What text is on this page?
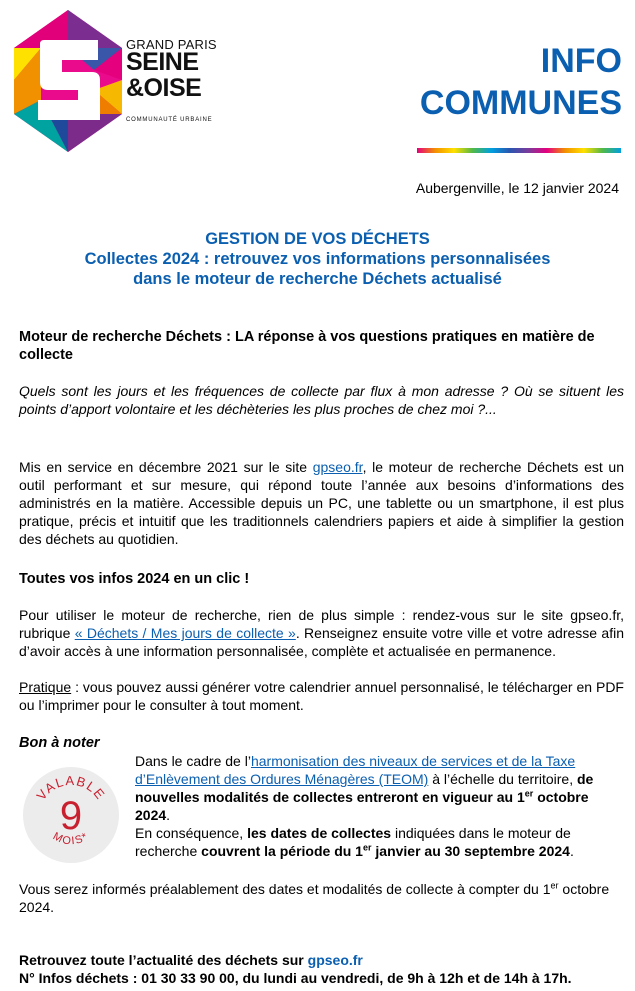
GRAND PARIS
SEINE
&OISE
COMMUNAUTÉ URBAINE
INFO
COMMUNES
Aubergenville, le 12 janvier 2024
GESTION DE VOS DÉCHETS
Collectes 2024 : retrouvez vos informations personnalisées
dans le moteur de recherche Déchets actualisé
Moteur de recherche Déchets : LA réponse à vos questions pratiques en matière de collecte
Quels sont les jours et les fréquences de collecte par flux à mon adresse ? Où se situent les points d’apport volontaire et les déchèteries les plus proches de chez moi ?...
Mis en service en décembre 2021 sur le site gpseo.fr, le moteur de recherche Déchets est un outil performant et sur mesure, qui répond toute l’année aux besoins d’informations des administrés en la matière. Accessible depuis un PC, une tablette ou un smartphone, il est plus pratique, précis et intuitif que les traditionnels calendriers papiers et aide à simplifier la gestion des déchets au quotidien.
Toutes vos infos 2024 en un clic !
Pour utiliser le moteur de recherche, rien de plus simple : rendez-vous sur le site gpseo.fr, rubrique « Déchets / Mes jours de collecte ». Renseignez ensuite votre ville et votre adresse afin d’avoir accès à une information personnalisée, complète et actualisée en permanence.
Pratique : vous pouvez aussi générer votre calendrier annuel personnalisé, le télécharger en PDF ou l’imprimer pour le consulter à tout moment.
Bon à noter
VALABLE
9
MOIS*
Dans le cadre de l’harmonisation des niveaux de services et de la Taxe d’Enlèvement des Ordures Ménagères (TEOM) à l’échelle du territoire, de nouvelles modalités de collectes entreront en vigueur au 1er octobre 2024.
En conséquence, les dates de collectes indiquées dans le moteur de recherche couvrent la période du 1er janvier au 30 septembre 2024.
Vous serez informés préalablement des dates et modalités de collecte à compter du 1er octobre 2024.
Retrouvez toute l’actualité des déchets sur gpseo.fr
N° Infos déchets : 01 30 33 90 00, du lundi au vendredi, de 9h à 12h et de 14h à 17h.
